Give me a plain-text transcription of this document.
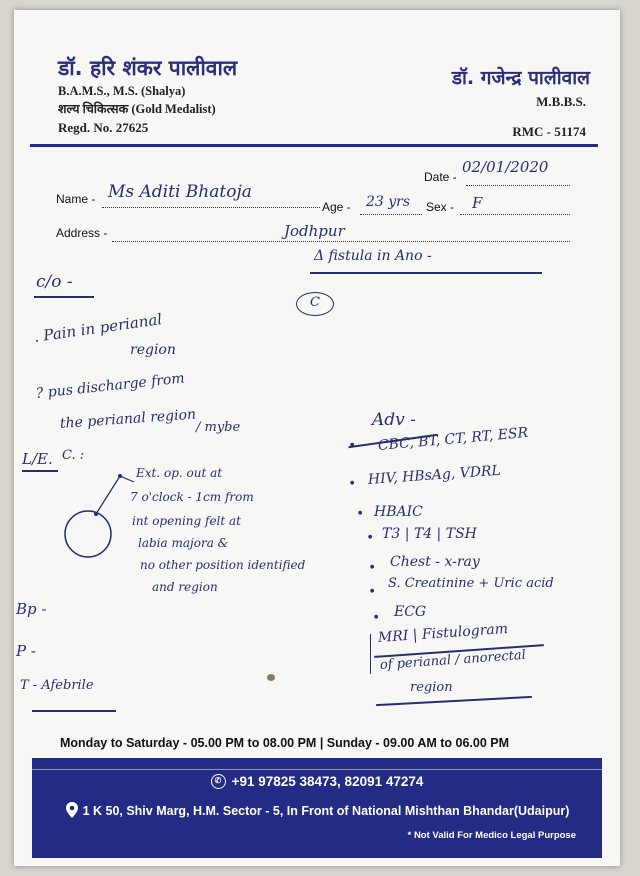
डॉ. हरि शंकर पालीवाल
B.A.M.S., M.S. (Shalya)
शल्य चिकित्सक (Gold Medalist)
Regd. No. 27625
डॉ. गजेन्द्र पालीवाल
M.B.B.S.
RMC - 51174
Date -
02/01/2020
Name - Ms Aditi Bhatoja
Age - 23 yrs Sex - F
Address -	Jodhpur
Δ fistula in Ano -
C
c/o -
. Pain in perianal
region
? pus discharge from
the perianal region / mybe
L/E. C. :
Ext. op. out at
7 o'clock - 1cm from
int opening felt at
labia majora &
no other position identified
and region
Bp -
P -
T - Afebrile
Adv -
● CBC, BT, CT, RT, ESR
● HIV, HBsAg, VDRL
● HBAIC
● T3 | T4 | TSH
● Chest - x-ray
● S. Creatinine + Uric acid
● ECG
MRI | Fistulogram
of perianal / anorectal
region
Monday to Saturday - 05.00 PM to 08.00 PM | Sunday - 09.00 AM to 06.00 PM
✆ +91 97825 38473, 82091 47274
1 K 50, Shiv Marg, H.M. Sector - 5, In Front of National Mishthan Bhandar(Udaipur)
* Not Valid For Medico Legal Purpose
